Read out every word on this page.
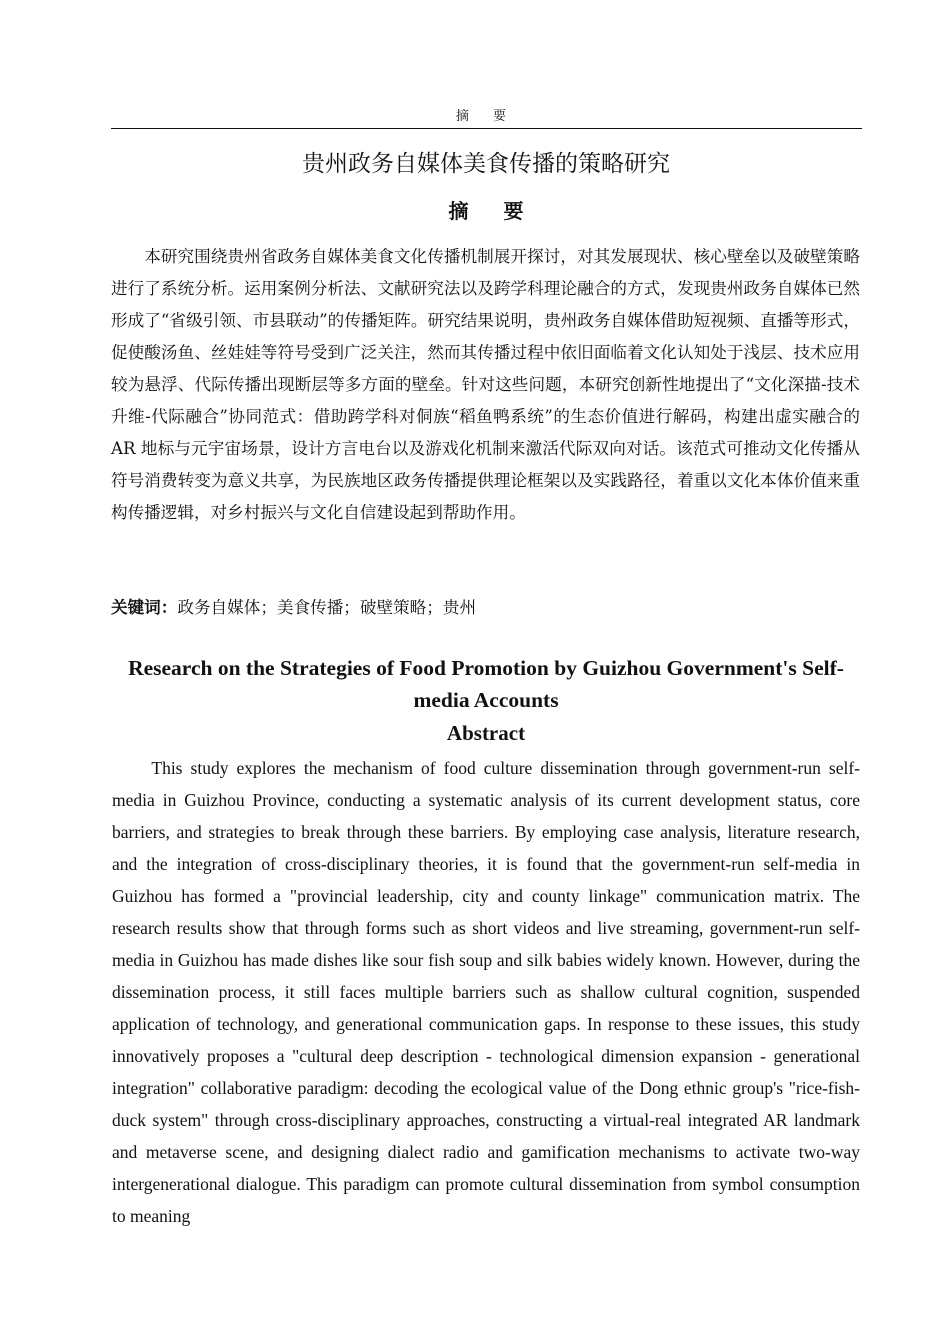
摘 要
贵州政务自媒体美食传播的策略研究
摘 要

本研究围绕贵州省政务自媒体美食文化传播机制展开探讨，对其发展现状、核心壁垒以及破壁策略进行了系统分析。运用案例分析法、文献研究法以及跨学科理论融合的方式，发现贵州政务自媒体已然形成了“省级引领、市县联动”的传播矩阵。研究结果说明，贵州政务自媒体借助短视频、直播等形式，促使酸汤鱼、丝娃娃等符号受到广泛关注，然而其传播过程中依旧面临着文化认知处于浅层、技术应用较为悬浮、代际传播出现断层等多方面的壁垒。针对这些问题，本研究创新性地提出了“文化深描-技术升维-代际融合”协同范式：借助跨学科对侗族“稻鱼鸭系统”的生态价值进行解码，构建出虚实融合的 AR 地标与元宇宙场景，设计方言电台以及游戏化机制来激活代际双向对话。该范式可推动文化传播从符号消费转变为意义共享，为民族地区政务传播提供理论框架以及实践路径，着重以文化本体价值来重构传播逻辑，对乡村振兴与文化自信建设起到帮助作用。

关键词：政务自媒体；美食传播；破壁策略；贵州

Research on the Strategies of Food Promotion by Guizhou Government's Self-media Accounts
Abstract

This study explores the mechanism of food culture dissemination through government-run self-media in Guizhou Province, conducting a systematic analysis of its current development status, core barriers, and strategies to break through these barriers. By employing case analysis, literature research, and the integration of cross-disciplinary theories, it is found that the government-run self-media in Guizhou has formed a "provincial leadership, city and county linkage" communication matrix. The research results show that through forms such as short videos and live streaming, government-run self-media in Guizhou has made dishes like sour fish soup and silk babies widely known. However, during the dissemination process, it still faces multiple barriers such as shallow cultural cognition, suspended application of technology, and generational communication gaps. In response to these issues, this study innovatively proposes a "cultural deep description - technological dimension expansion - generational integration" collaborative paradigm: decoding the ecological value of the Dong ethnic group's "rice-fish-duck system" through cross-disciplinary approaches, constructing a virtual-real integrated AR landmark and metaverse scene, and designing dialect radio and gamification mechanisms to activate two-way intergenerational dialogue. This paradigm can promote cultural dissemination from symbol consumption to meaning
